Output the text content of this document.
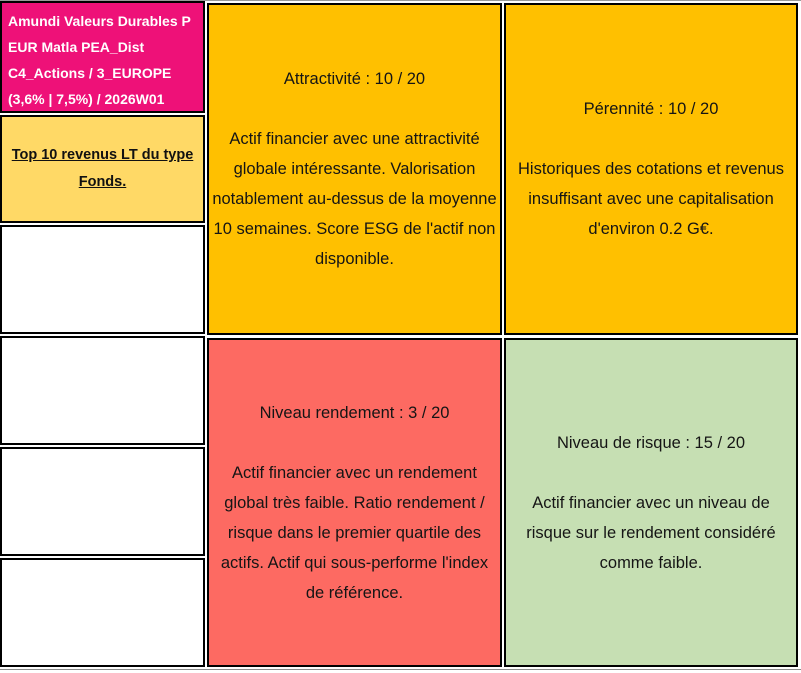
Amundi Valeurs Durables P
EUR Matla PEA_Dist
C4_Actions / 3_EUROPE
(3,6% | 7,5%) / 2026W01
Top 10 revenus LT du type
Fonds.
Attractivité : 10 / 20
Actif financier avec une attractivité globale intéressante. Valorisation notablement au-dessus de la moyenne 10 semaines. Score ESG de l'actif non disponible.
Pérennité : 10 / 20
Historiques des cotations et revenus insuffisant avec une capitalisation d'environ 0.2 G€.
Niveau rendement : 3 / 20
Actif financier avec un rendement global très faible. Ratio rendement / risque dans le premier quartile des actifs. Actif qui sous-performe l'index de référence.
Niveau de risque : 15 / 20
Actif financier avec un niveau de risque sur le rendement considéré comme faible.
